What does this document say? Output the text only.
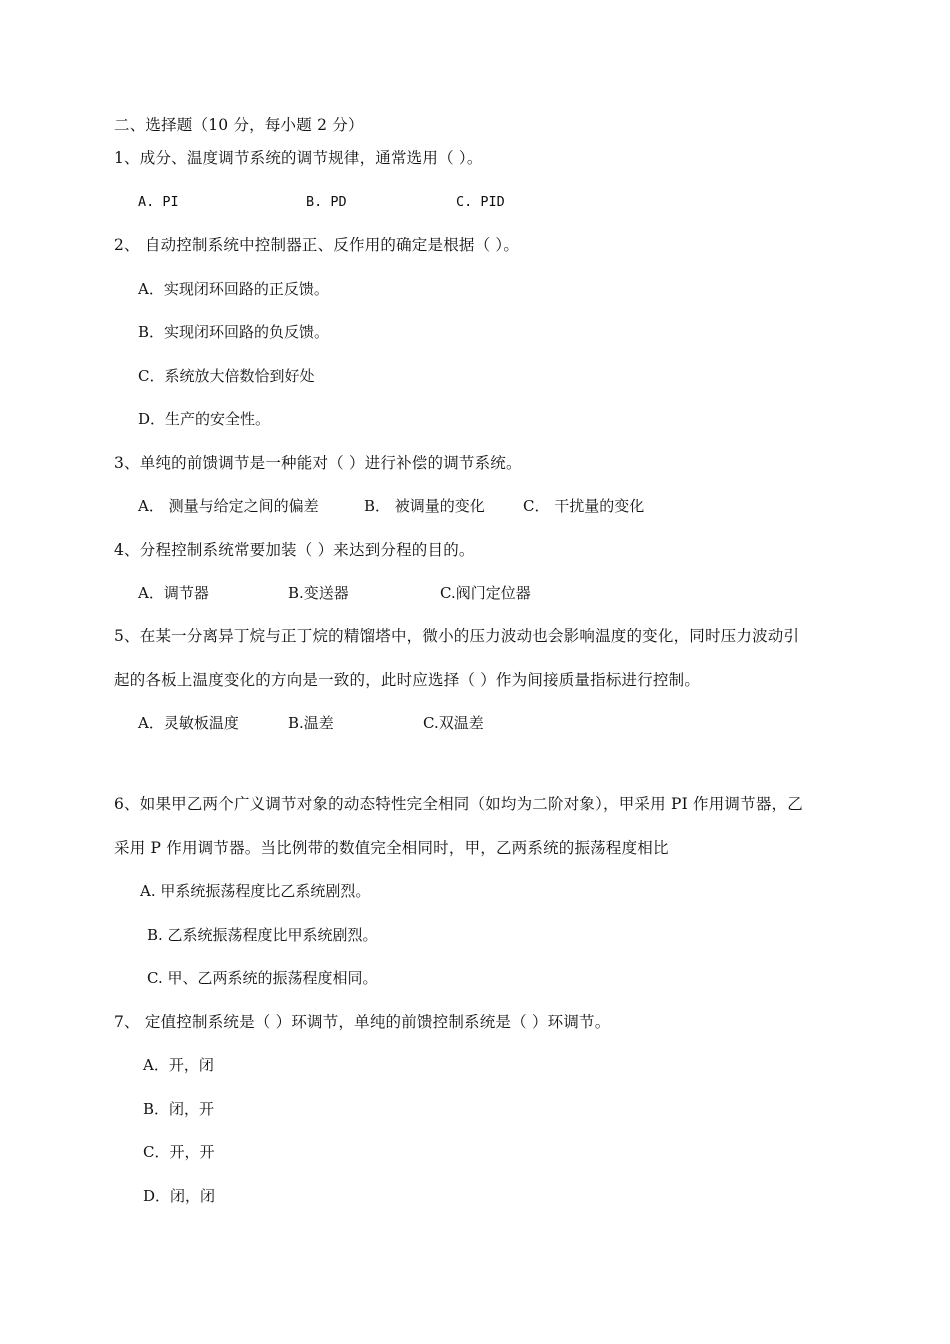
二、选择题（10 分，每小题 2 分）
1、成分、温度调节系统的调节规律，通常选用（ ）。
A. PI	B. PD	C. PID
2、 自动控制系统中控制器正、反作用的确定是根据（ ）。
A．实现闭环回路的正反馈。
B．实现闭环回路的负反馈。
C．系统放大倍数恰到好处
D．生产的安全性。
3、单纯的前馈调节是一种能对（ ）进行补偿的调节系统。
A． 测量与给定之间的偏差	B． 被调量的变化	C． 干扰量的变化
4、分程控制系统常要加装（ ）来达到分程的目的。
A．调节器	B.变送器	C.阀门定位器
5、在某一分离异丁烷与正丁烷的精馏塔中，微小的压力波动也会影响温度的变化，同时压力波动引
起的各板上温度变化的方向是一致的，此时应选择（ ）作为间接质量指标进行控制。
A．灵敏板温度	B.温差	C.双温差
6、如果甲乙两个广义调节对象的动态特性完全相同（如均为二阶对象），甲采用 PI 作用调节器，乙
采用 P 作用调节器。当比例带的数值完全相同时，甲，乙两系统的振荡程度相比
A. 甲系统振荡程度比乙系统剧烈。
B. 乙系统振荡程度比甲系统剧烈。
C. 甲、乙两系统的振荡程度相同。
7、 定值控制系统是（ ）环调节，单纯的前馈控制系统是（ ）环调节。
A．开，闭
B．闭，开
C．开，开
D．闭，闭
